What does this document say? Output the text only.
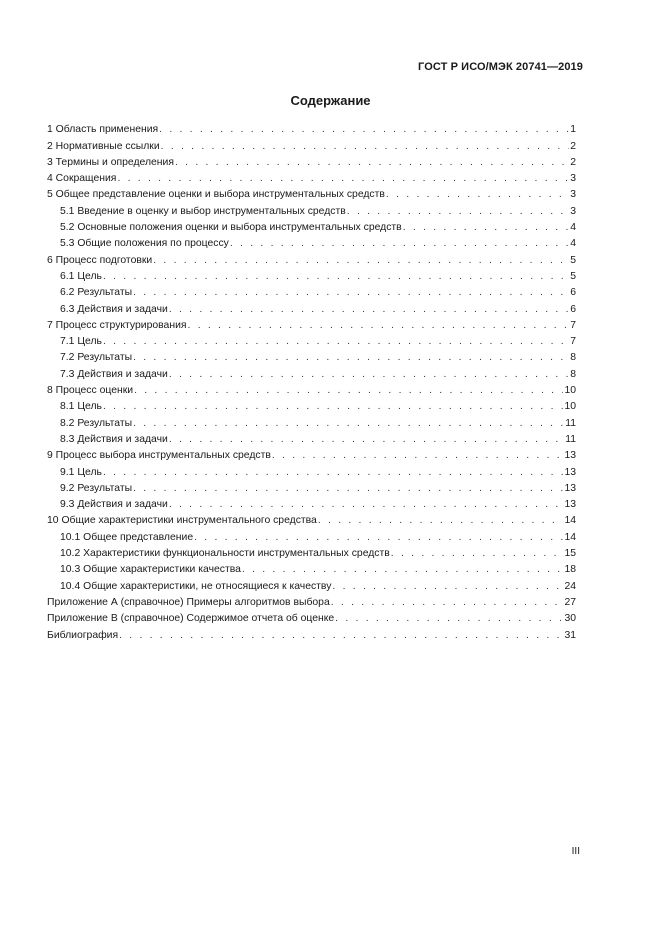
ГОСТ Р ИСО/МЭК 20741—2019
Содержание
1 Область применения . . .	1
2 Нормативные ссылки . . .	2
3 Термины и определения . . .	2
4 Сокращения . . .	3
5 Общее представление оценки и выбора инструментальных средств . . .	3
5.1 Введение в оценку и выбор инструментальных средств . . .	3
5.2 Основные положения оценки и выбора инструментальных средств . . .	4
5.3 Общие положения по процессу . . .	4
6 Процесс подготовки . . .	5
6.1 Цель . . .	5
6.2 Результаты . . .	6
6.3 Действия и задачи . . .	6
7 Процесс структурирования . . .	7
7.1 Цель . . .	7
7.2 Результаты . . .	8
7.3 Действия и задачи . . .	8
8 Процесс оценки . . .	10
8.1 Цель . . .	10
8.2 Результаты . . .	11
8.3 Действия и задачи . . .	11
9 Процесс выбора инструментальных средств . . .	13
9.1 Цель . . .	13
9.2 Результаты . . .	13
9.3 Действия и задачи . . .	13
10 Общие характеристики инструментального средства . . .	14
10.1 Общее представление . . .	14
10.2 Характеристики функциональности инструментальных средств . . .	15
10.3 Общие характеристики качества . . .	18
10.4 Общие характеристики, не относящиеся к качеству . . .	24
Приложение А (справочное) Примеры алгоритмов выбора . . .	27
Приложение В (справочное) Содержимое отчета об оценке . . .	30
Библиография . . .	31
III
